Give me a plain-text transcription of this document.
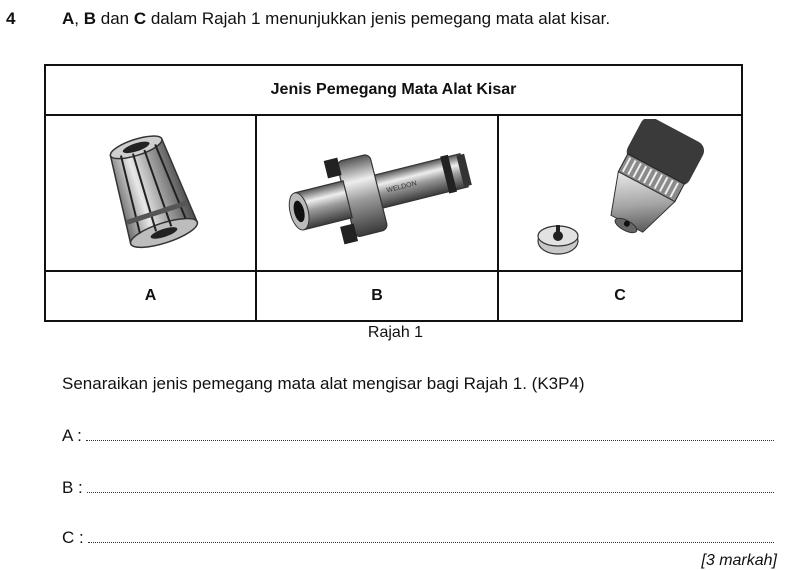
4	A, B dan C dalam Rajah 1 menunjukkan jenis pemegang mata alat kisar.
Jenis Pemegang Mata Alat Kisar		

WELDON

A	B	C
Rajah 1
Senaraikan jenis pemegang mata alat mengisar bagi Rajah 1. (K3P4)
A :
B :
C :
[3 markah]
